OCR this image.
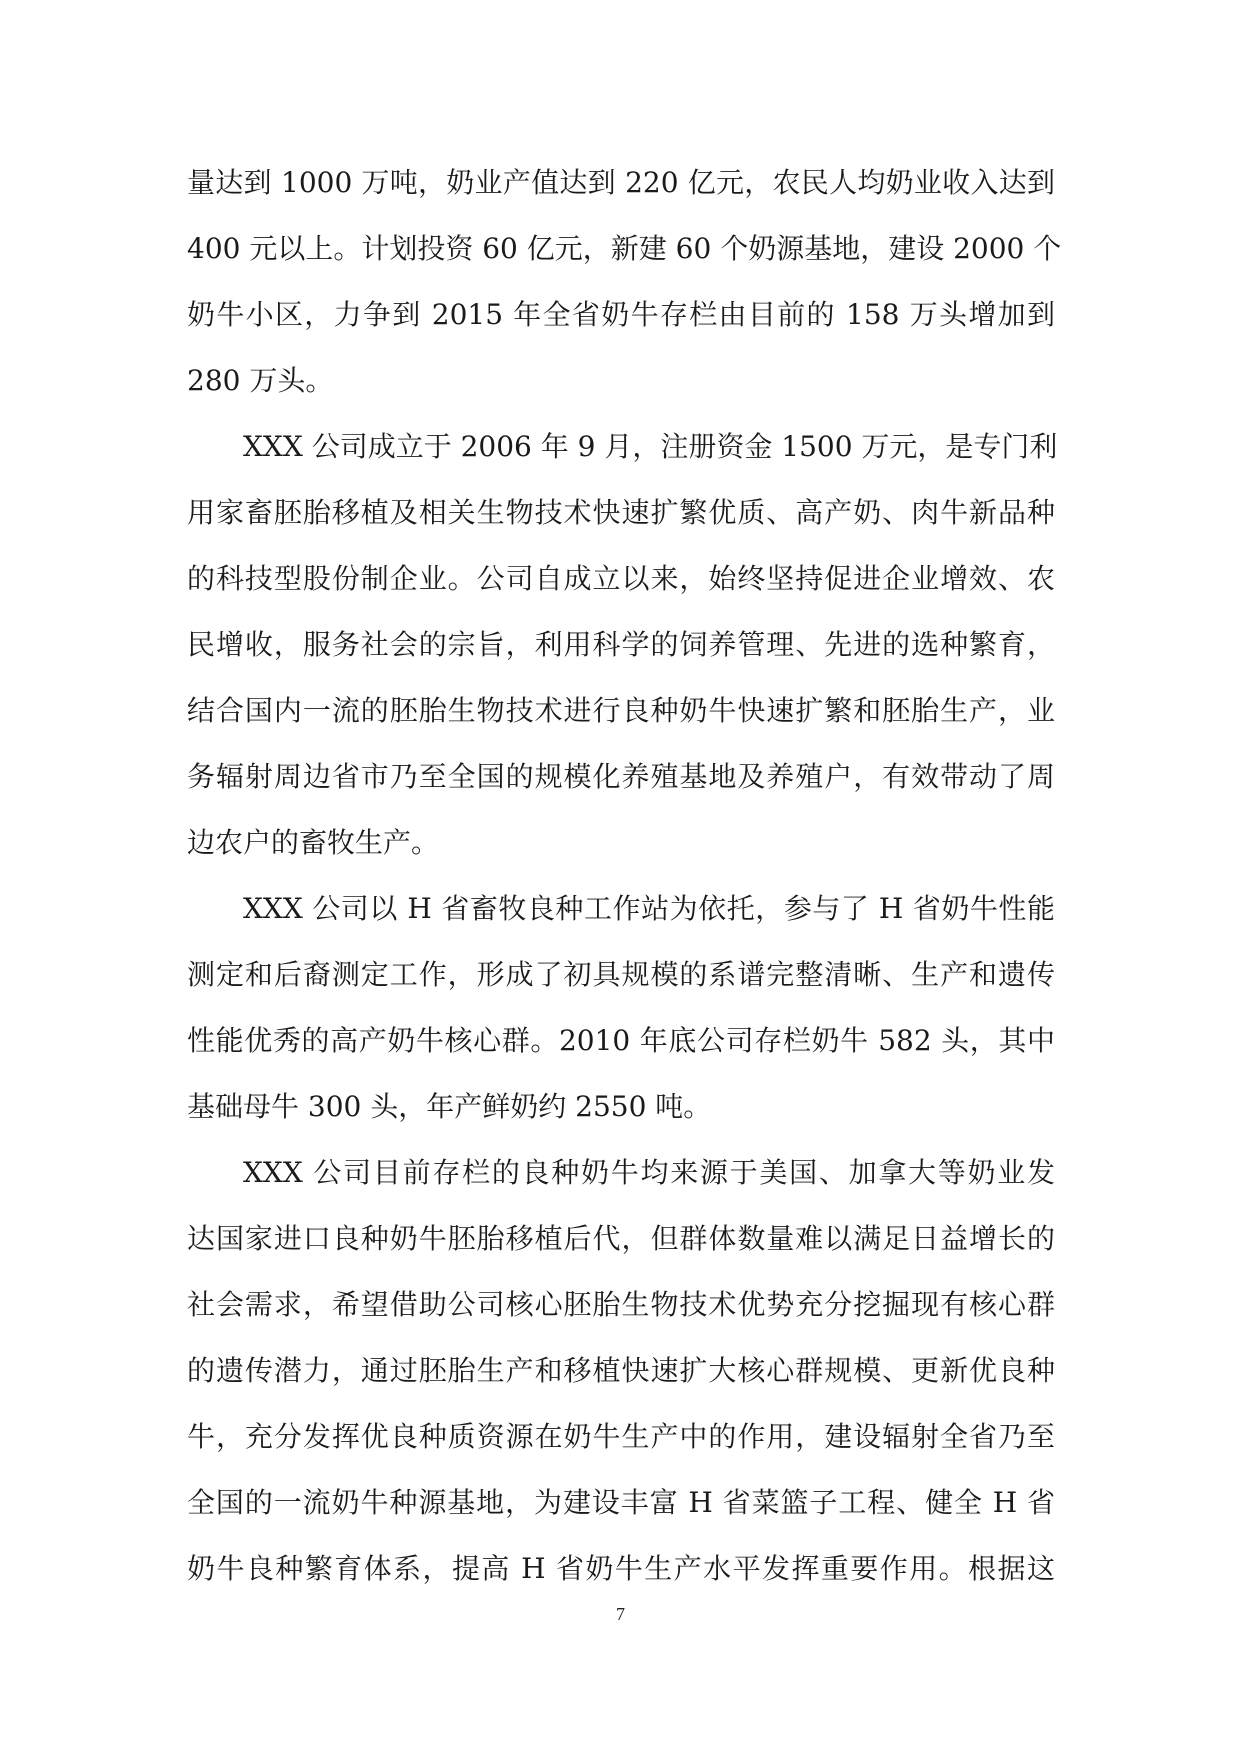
量达到 1000 万吨，奶业产值达到 220 亿元，农民人均奶业收入达到
400 元以上。计划投资 60 亿元，新建 60 个奶源基地，建设 2000 个
奶牛小区，力争到 2015 年全省奶牛存栏由目前的 158 万头增加到
280 万头。
XXX 公司成立于 2006 年 9 月，注册资金 1500 万元，是专门利
用家畜胚胎移植及相关生物技术快速扩繁优质、高产奶、肉牛新品种
的科技型股份制企业。公司自成立以来，始终坚持促进企业增效、农
民增收，服务社会的宗旨，利用科学的饲养管理、先进的选种繁育，
结合国内一流的胚胎生物技术进行良种奶牛快速扩繁和胚胎生产，业
务辐射周边省市乃至全国的规模化养殖基地及养殖户，有效带动了周
边农户的畜牧生产。
XXX 公司以 H 省畜牧良种工作站为依托，参与了 H 省奶牛性能
测定和后裔测定工作，形成了初具规模的系谱完整清晰、生产和遗传
性能优秀的高产奶牛核心群。2010 年底公司存栏奶牛 582 头，其中
基础母牛 300 头，年产鲜奶约 2550 吨。
XXX 公司目前存栏的良种奶牛均来源于美国、加拿大等奶业发
达国家进口良种奶牛胚胎移植后代，但群体数量难以满足日益增长的
社会需求，希望借助公司核心胚胎生物技术优势充分挖掘现有核心群
的遗传潜力，通过胚胎生产和移植快速扩大核心群规模、更新优良种
牛，充分发挥优良种质资源在奶牛生产中的作用，建设辐射全省乃至
全国的一流奶牛种源基地，为建设丰富 H 省菜篮子工程、健全 H 省
奶牛良种繁育体系，提高 H 省奶牛生产水平发挥重要作用。根据这
7
